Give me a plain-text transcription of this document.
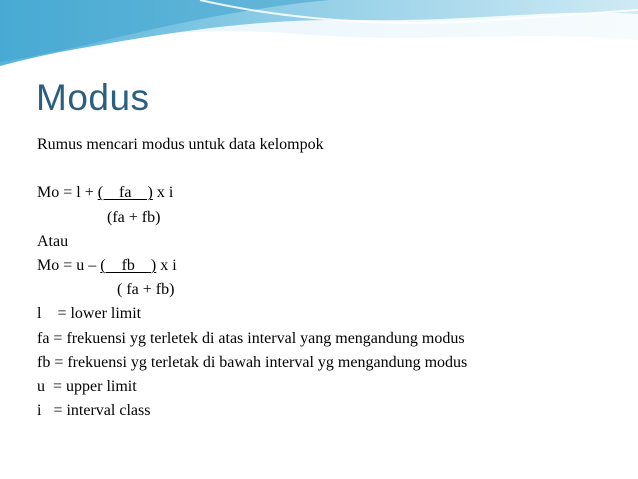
Modus
Rumus mencari modus untuk data kelompok
Mo = l + (    fa    ) x i
(fa + fb)
Atau
Mo = u – (    fb    ) x i
( fa + fb)
l    = lower limit
fa = frekuensi yg terletek di atas interval yang mengandung modus
fb = frekuensi yg terletak di bawah interval yg mengandung modus
u  = upper limit
i   = interval class
